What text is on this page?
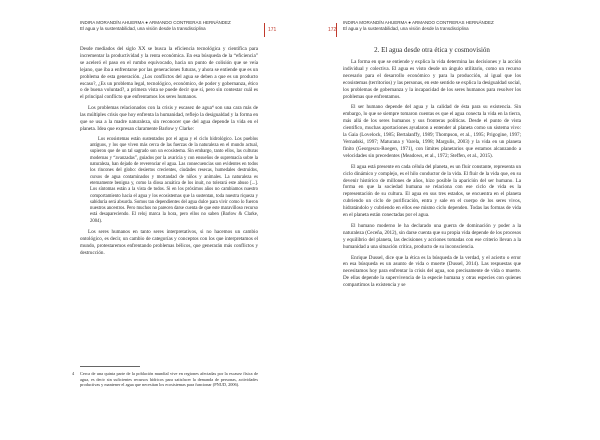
INDIRA MORANDÍN AHUERMA ● ARMANDO CONTRERAS HERNÁNDEZ
El agua y la sustentabilidad, una visión desde la transdisciplina	171	172
INDIRA MORANDÍN AHUERMA ● ARMANDO CONTRERAS HERNÁNDEZ
El agua y la sustentabilidad, una visión desde la transdisciplina

Desde mediados del siglo XX se busca la eficiencia tecnológica y científica para incrementar la productividad y la renta económica. En esa búsqueda de la “eficiencia” se aceleró el paso en el rumbo equivocado, hacia un punto de colisión que se veía lejano, que iba a enfrentarse por las generaciones futuras, y ahora se entiende que es un problema de esta generación. ¿Los conflictos del agua se deben a que es un producto escaso?, ¿Es un problema legal, tecnológico, económico, de poder y gobernanza, ético o de buena voluntad?, a primera vista se puede decir que sí, pero sin contestar cuál es el principal conflicto que enfrentamos los seres humanos.

Los problemas relacionados con la crisis y escasez de agua⁴ son una cara más de las múltiples crisis que hoy enfrenta la humanidad, reflejo la desigualdad y la forma en que se usa a la madre naturaleza, sin reconocer que del agua depende la vida en el planeta. Idea que expresan claramente Barlow y Clarke:

Los ecosistemas están sustentados por el agua y el ciclo hidrológico. Los pueblos antiguos, y los que viven más cerca de las fuerzas de la naturaleza en el mundo actual, supieron que de un tal sagrado son un ecosistema. Sin embargo, tanto ellos, las culturas modernas y “avanzadas”, guiados por la avaricia y con ensueños de supremacía sobre la naturaleza, han dejado de reverenciar el agua. Las consecuencias son evidentes en todos los rincones del globo: desiertos crecientes, ciudades resecas, humedales destruidos, cursos de agua contaminados y mortandad de niños y animales. La naturaleza es eternamente benigna y, como la diosa acuática de los inuit, no tolerará este abuso [...]. Los síntomas están a la vista de todos. Si en los próximos años no cambiamos nuestro comportamiento hacia el agua y los ecosistemas que la sustentan, toda nuestra riqueza y sabiduría será absurda. Somos tan dependientes del agua dulce para vivir como lo fueron nuestros ancestros. Pero muchos no parecen darse cuenta de que este maravilloso recurso está desapareciendo. El reloj marca la hora, pero ellos no saben (Barlow & Clarke, 2004).

Los seres humanos en tanto seres interpretativos, si no hacemos un cambio ontológico, es decir, un cambio de categorías y conceptos con los que interpretamos el mundo, protestaremos enfrentando problemas bélicos, que generarán más conflictos y destrucción.

4 Cerca de una quinta parte de la población mundial vive en regiones afectadas por la escasez física de agua, es decir sin suficientes recursos hídricos para satisfacer la demanda de personas, actividades productivas y mantener el agua que necesitan los ecosistemas para funcionar (PNUD, 2006).

2. El agua desde otra ética y cosmovisión

La forma en que se entiende y explica la vida determina las decisiones y la acción individual y colectiva. El agua es visto desde un ángulo utilitario, como un recurso necesario para el desarrollo económico y para la producción, al igual que los ecosistemas (territorios) y las personas, en este sentido se explica la desigualdad social, los problemas de gobernanza y la incapacidad de los seres humanos para resolver los problemas que enfrentamos.

El ser humano depende del agua y la calidad de ésta para su existencia. Sin embargo, lo que se siempre tomaron cuentas es que el agua conecta la vida en la tierra, más allá de los seres humanos y sus fronteras políticas. Desde el punto de vista científico, muchas aportaciones ayudaron a entender al planeta como un sistema vivo: la Gaia (Lovelock, 1985; Bertalanffy, 1989; Thompson, et al., 1995; Prigogine, 1997; Vernadski, 1997; Maturana y Varela, 1998; Margulis, 2003) y la vida en un planeta finito (Georgescu-Roegen, 1971), con límites planetarios que estamos alcanzando a velocidades sin precedentes (Meadows, et al., 1972; Steffen, et al., 2015).

El agua está presente en cada célula del planeta, es un fluir constante, representa un ciclo dinámico y complejo, es el hilo conductor de la vida. El fluir de la vida que, en su devenir histórico de millones de años, hizo posible la aparición del ser humano. La forma en que la sociedad humana se relaciona con ese ciclo de vida es la representación de su cultura. El agua en sus tres estados, se encuentra en el planeta cubriendo un ciclo de purificación, entra y sale en el cuerpo de los seres vivos, hidratándolo y cubriendo en ellos ese mismo ciclo dependen. Todas las formas de vida en el planeta están conectadas por el agua.

El humano moderno le ha declarado una guerra de dominación y poder a la naturaleza (Ceceña, 2012), sin darse cuenta que su propia vida depende de los procesos y equilibrio del planeta, las decisiones y acciones tomadas con ese criterio llevan a la humanidad a una situación crítica, producto de su inconsciencia.

Enrique Dussel, dice que la ética es la búsqueda de la verdad, y el acierto o error en esa búsqueda es un asunto de vida o muerte (Dussel, 2014). Las respuestas que necesitamos hoy para enfrentar la crisis del agua, son precisamente de vida o muerte. De ellas depende la supervivencia de la especie humana y otras especies con quienes compartimos la existencia y se
